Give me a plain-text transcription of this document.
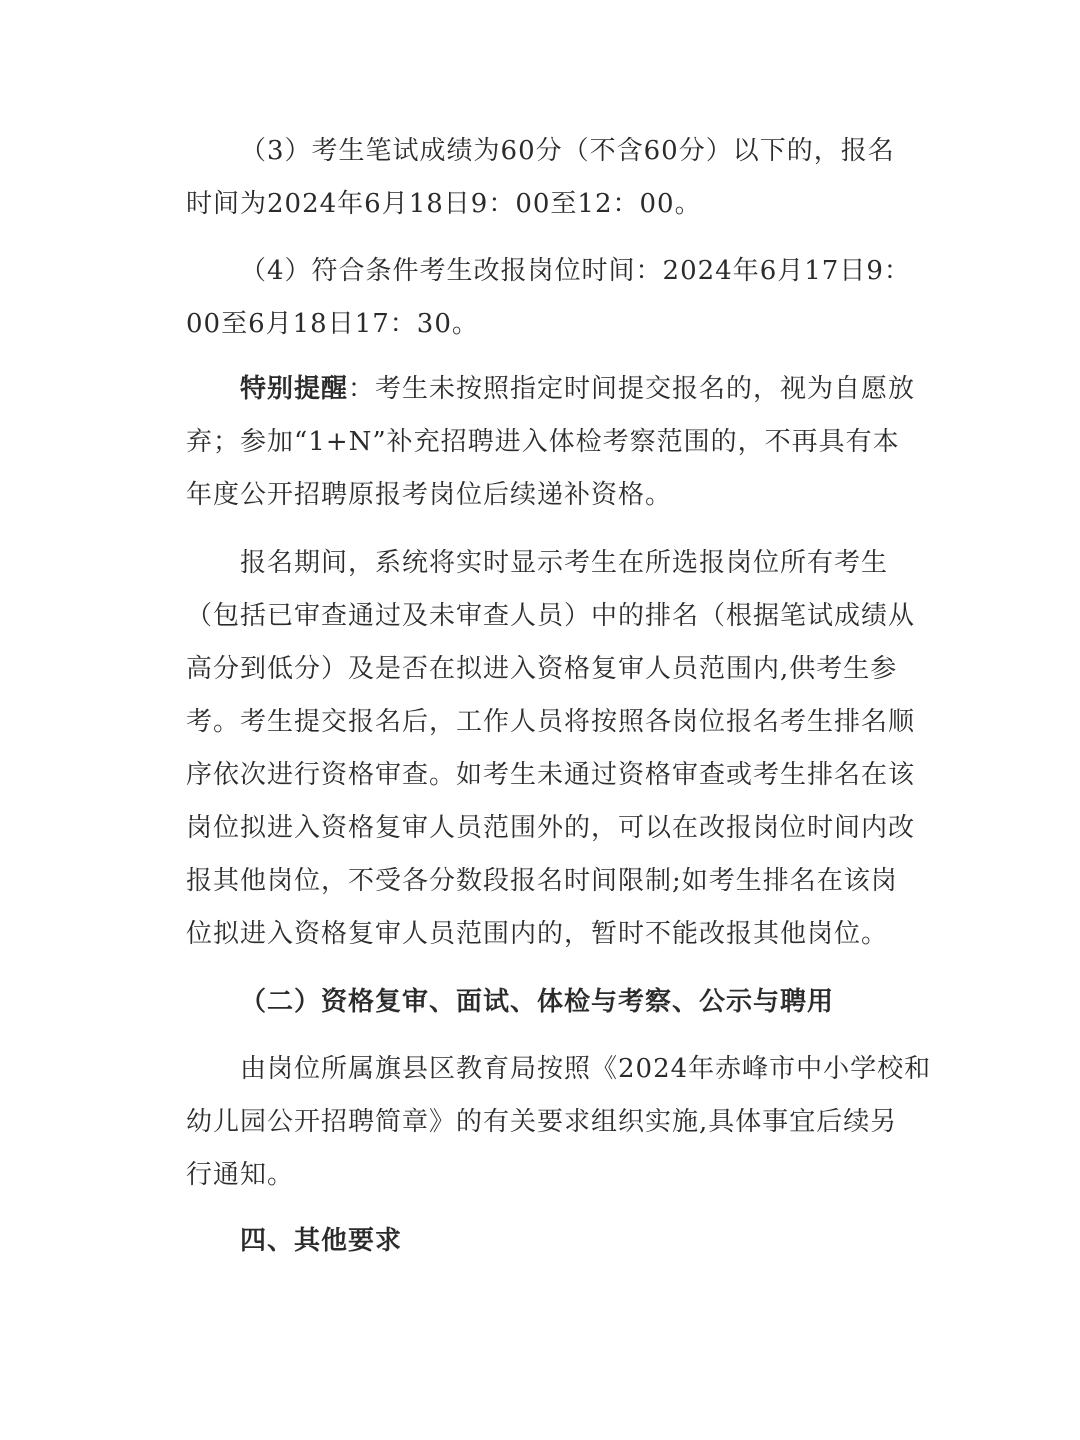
（3）考生笔试成绩为60分（不含60分）以下的，报名
时间为2024年6月18日9：00至12：00。
（4）符合条件考生改报岗位时间：2024年6月17日9：
00至6月18日17：30。
特别提醒：考生未按照指定时间提交报名的，视为自愿放
弃；参加“1+N”补充招聘进入体检考察范围的，不再具有本
年度公开招聘原报考岗位后续递补资格。
报名期间，系统将实时显示考生在所选报岗位所有考生
（包括已审查通过及未审查人员）中的排名（根据笔试成绩从
高分到低分）及是否在拟进入资格复审人员范围内,供考生参
考。考生提交报名后，工作人员将按照各岗位报名考生排名顺
序依次进行资格审查。如考生未通过资格审查或考生排名在该
岗位拟进入资格复审人员范围外的，可以在改报岗位时间内改
报其他岗位，不受各分数段报名时间限制;如考生排名在该岗
位拟进入资格复审人员范围内的，暂时不能改报其他岗位。
（二）资格复审、面试、体检与考察、公示与聘用
由岗位所属旗县区教育局按照《2024年赤峰市中小学校和
幼儿园公开招聘简章》的有关要求组织实施,具体事宜后续另
行通知。
四、其他要求
